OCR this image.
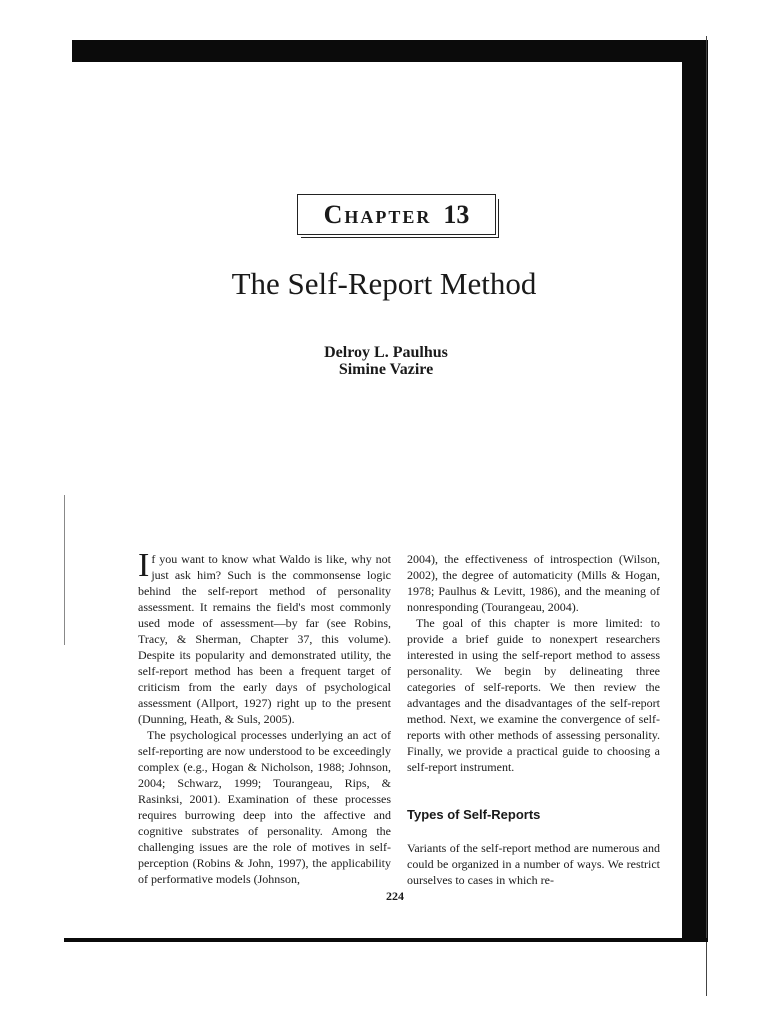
Chapter 13
The Self-Report Method
Delroy L. Paulhus
Simine Vazire

If you want to know what Waldo is like, why not just ask him? Such is the commonsense logic behind the self-report method of personality assessment. It remains the field's most commonly used mode of assessment—by far (see Robins, Tracy, & Sherman, Chapter 37, this volume). Despite its popularity and demonstrated utility, the self-report method has been a frequent target of criticism from the early days of psychological assessment (Allport, 1927) right up to the present (Dunning, Heath, & Suls, 2005).

The psychological processes underlying an act of self-reporting are now understood to be exceedingly complex (e.g., Hogan & Nicholson, 1988; Johnson, 2004; Schwarz, 1999; Tourangeau, Rips, & Rasinksi, 2001). Examination of these processes requires burrowing deep into the affective and cognitive substrates of personality. Among the challenging issues are the role of motives in self-perception (Robins & John, 1997), the applicability of performative models (Johnson,

2004), the effectiveness of introspection (Wilson, 2002), the degree of automaticity (Mills & Hogan, 1978; Paulhus & Levitt, 1986), and the meaning of nonresponding (Tourangeau, 2004).

The goal of this chapter is more limited: to provide a brief guide to nonexpert researchers interested in using the self-report method to assess personality. We begin by delineating three categories of self-reports. We then review the advantages and the disadvantages of the self-report method. Next, we examine the convergence of self-reports with other methods of assessing personality. Finally, we provide a practical guide to choosing a self-report instrument.

Types of Self-Reports

Variants of the self-report method are numerous and could be organized in a number of ways. We restrict ourselves to cases in which re-

224
